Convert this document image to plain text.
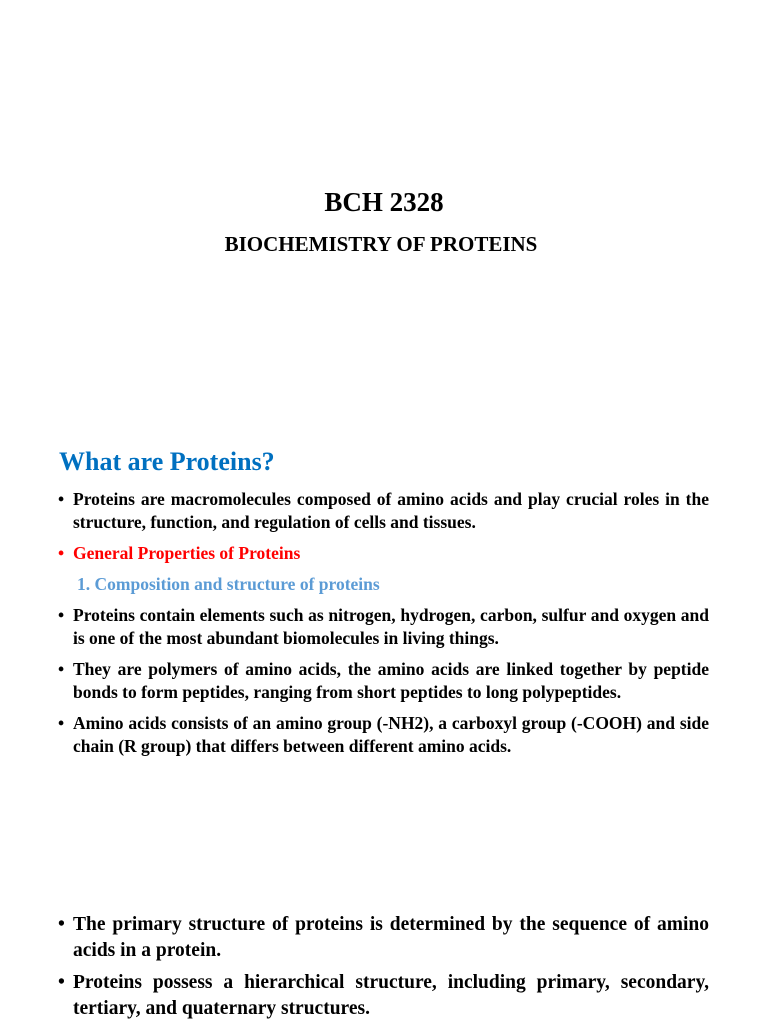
BCH 2328
BIOCHEMISTRY OF PROTEINS
What are Proteins?
• Proteins are macromolecules composed of amino acids and play crucial roles in the structure, function, and regulation of cells and tissues.
• General Properties of Proteins
1. Composition and structure of proteins
• Proteins contain elements such as nitrogen, hydrogen, carbon, sulfur and oxygen and is one of the most abundant biomolecules in living things.
• They are polymers of amino acids, the amino acids are linked together by peptide bonds to form peptides, ranging from short peptides to long polypeptides.
• Amino acids consists of an amino group (-NH2), a carboxyl group (-COOH) and side chain (R group) that differs between different amino acids.
• The primary structure of proteins is determined by the sequence of amino acids in a protein.
• Proteins possess a hierarchical structure, including primary, secondary, tertiary, and quaternary structures.
